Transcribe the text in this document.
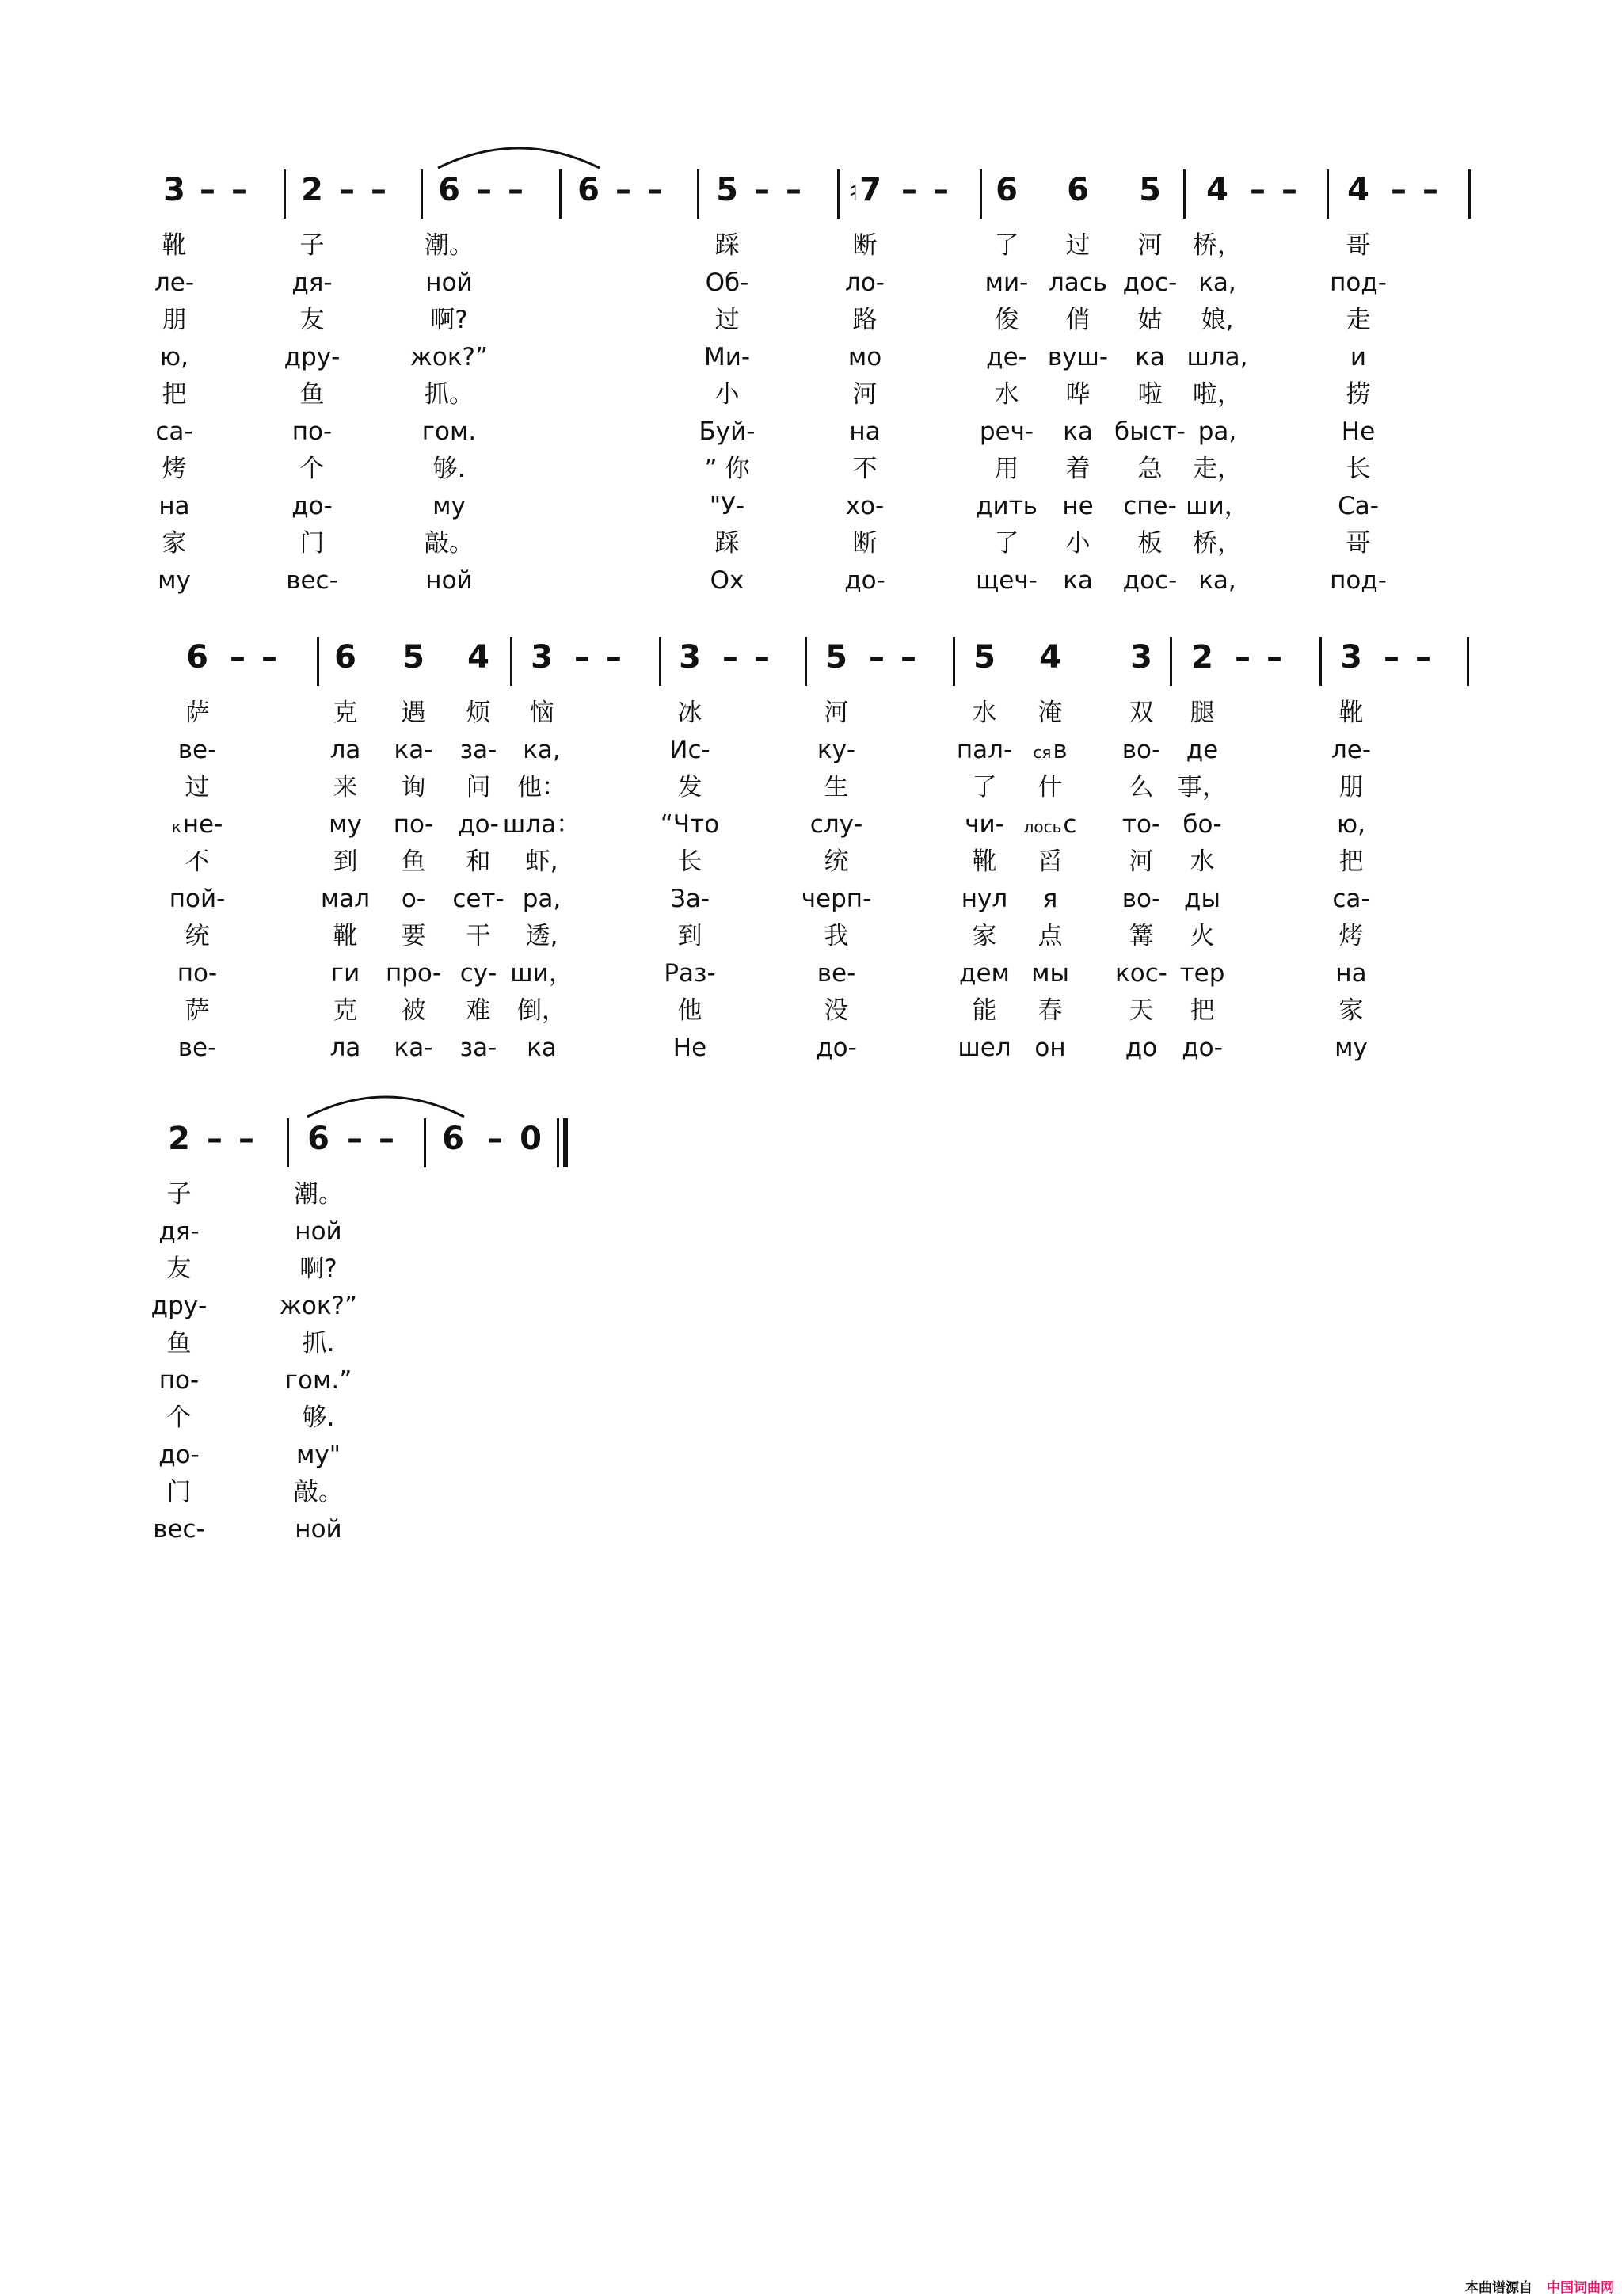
3 – – 2 – – 6 – – 6 – – 5 – – ♮7 – – 6 6 5 4 – – 4 – –
靴	子	潮。	踩	断	了 过 河 桥，	哥
ле-	дя-	ной	Об-	ло-	ми- лась дос- ка,	под-
朋	友	啊?	过	路	俊 俏 姑 娘,	走
ю,	дру-	жок?”	Ми-	мо	де- вуш- ка шла,	и
把	鱼	抓。	小	河	水 哗 啦 啦，	捞
са-	по-	гом.	Буй-	на	реч- ка быст- ра,	Не
烤	个	够.	” 你	不	用 着 急 走，	长
на	до-	му	"У-	хо-	дить не спе- ши，	Са-
家	门	敲。	踩	断	了 小 板 桥，	哥
му	вес-	ной	Ох	до-	щеч- ка дос- ка,	под-
6 – – 6 5 4 3 – – 3 – – 5 – – 5 4 3 2 – – 3 – –
萨	克 遇 烦 恼	冰	河	水 淹	双 腿	靴
ве-	ла ка- за- ка,	Ис-	ку-	пал- сяв во- де	ле-
过	来 询 问 他：	发	生	了 什	么 事，	朋
кне-	му по- до- шла：	“Что	слу-	чи- лосьс то- бо-	ю,
不	到 鱼 和 虾,	长	统	靴 舀	河 水	把
пой-	мал о- сет- ра,	За-	черп-	нул я	во- ды	са-
统	靴 要 干 透,	到	我	家 点	篝 火	烤
по-	ги про- су- ши，	Раз-	ве-	дем мы кос- тер	на
萨	克 被 难 倒，	他	没	能 春	天 把	家
ве-	ла ка- за- ка	Не	до-	шел он до до-	му
2 – – 6 – – 6 – 0
子	潮。
дя-	ной
友	啊?
дру-	жок?”
鱼	抓.
по-	гом.”
个	够.
до-	му"
门	敲。
вес-	ной
本曲谱源自 中国词曲网
